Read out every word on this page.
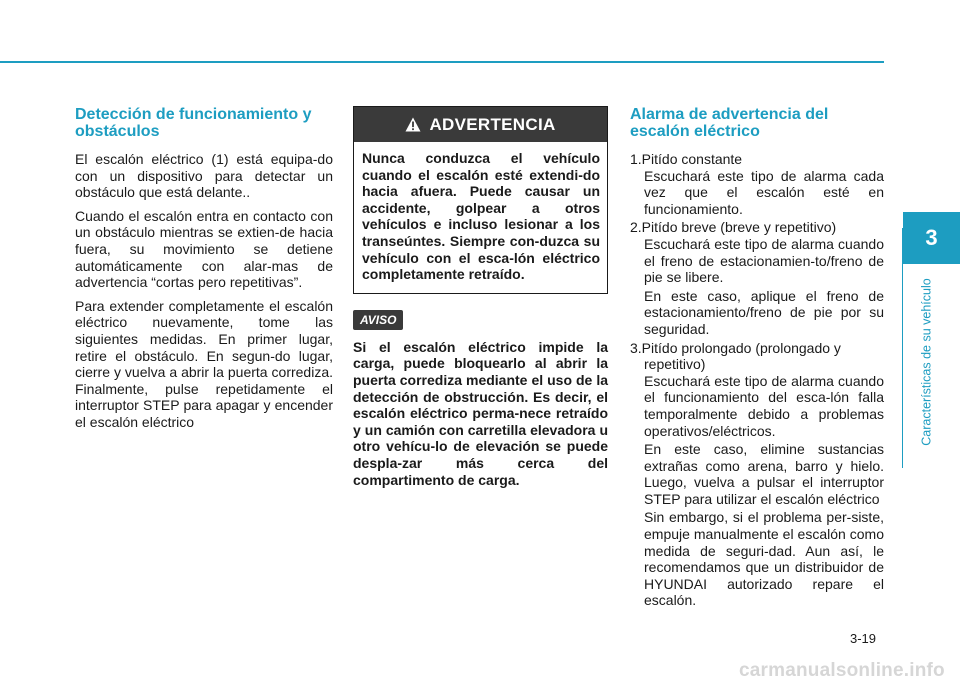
Detección de funcionamiento y obstáculos

El escalón eléctrico (1) está equipa-do con un dispositivo para detectar un obstáculo que está delante..

Cuando el escalón entra en contacto con un obstáculo mientras se extien-de hacia fuera, su movimiento se detiene automáticamente con alar-mas de advertencia “cortas pero repetitivas”.

Para extender completamente el escalón eléctrico nuevamente, tome las siguientes medidas. En primer lugar, retire el obstáculo. En segun-do lugar, cierre y vuelva a abrir la puerta corrediza. Finalmente, pulse repetidamente el interruptor STEP para apagar y encender el escalón eléctrico

ADVERTENCIA
Nunca conduzca el vehículo cuando el escalón esté extendi-do hacia afuera. Puede causar un accidente, golpear a otros vehículos e incluso lesionar a los transeúntes. Siempre con-duzca su vehículo con el esca-lón eléctrico completamente retraído.
AVISO

Si el escalón eléctrico impide la carga, puede bloquearlo al abrir la puerta corrediza mediante el uso de la detección de obstrucción. Es decir, el escalón eléctrico perma-nece retraído y un camión con carretilla elevadora u otro vehícu-lo de elevación se puede despla-zar más cerca del compartimento de carga.

Alarma de advertencia del escalón eléctrico
1.Pitído constante
Escuchará este tipo de alarma cada vez que el escalón esté en funcionamiento.
2.Pitído breve (breve y repetitivo)
Escuchará este tipo de alarma cuando el freno de estacionamien-to/freno de pie se libere.
En este caso, aplique el freno de estacionamiento/freno de pie por su seguridad.
3.Pitído prolongado (prolongado y repetitivo)
Escuchará este tipo de alarma cuando el funcionamiento del esca-lón falla temporalmente debido a problemas operativos/eléctricos.
En este caso, elimine sustancias extrañas como arena, barro y hielo. Luego, vuelva a pulsar el interruptor STEP para utilizar el escalón eléctrico
Sin embargo, si el problema per-siste, empuje manualmente el escalón como medida de seguri-dad. Aun así, le recomendamos que un distribuidor de HYUNDAI autorizado repare el escalón.
3
Características de su vehículo
3-19
carmanualsonline.info
